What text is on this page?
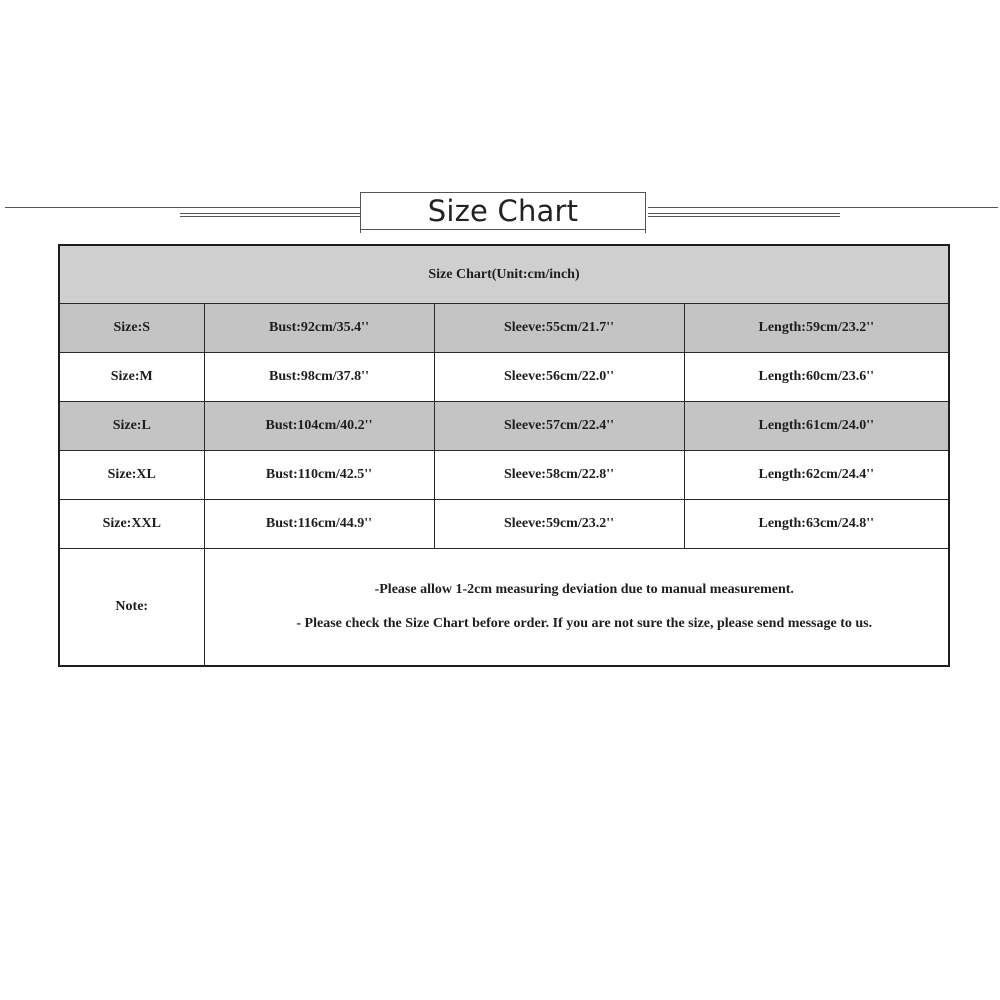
Size Chart
Size Chart(Unit:cm/inch)			
Size:S	Bust:92cm/35.4''	Sleeve:55cm/21.7''	Length:59cm/23.2''
Size:M	Bust:98cm/37.8''	Sleeve:56cm/22.0''	Length:60cm/23.6''
Size:L	Bust:104cm/40.2''	Sleeve:57cm/22.4''	Length:61cm/24.0''
Size:XL	Bust:110cm/42.5''	Sleeve:58cm/22.8''	Length:62cm/24.4''
Size:XXL	Bust:116cm/44.9''	Sleeve:59cm/23.2''	Length:63cm/24.8''
Note:	-Please allow 1-2cm measuring deviation due to manual measurement.
- Please check the Size Chart before order. If you are not sure the size, please send message to us.		
